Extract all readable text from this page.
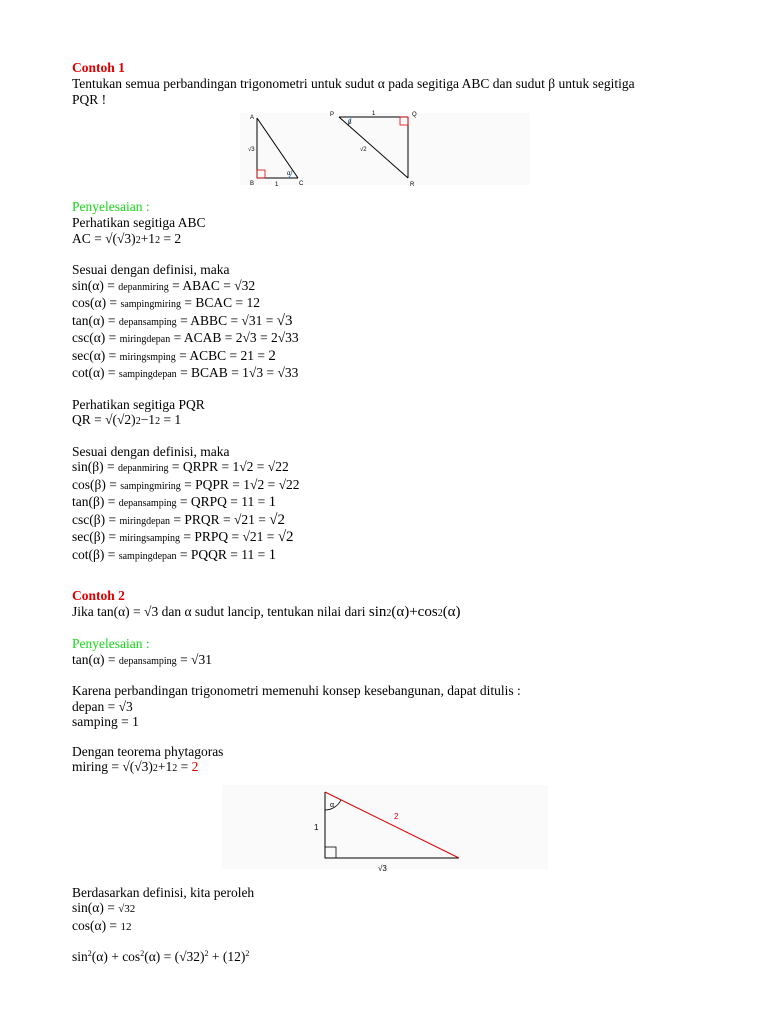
Contoh 1
Tentukan semua perbandingan trigonometri untuk sudut α pada segitiga ABC dan sudut β untuk segitiga PQR !
A
B	C
√3
1
α
P	Q
R
1
√2
β
Penyelesaian :
Perhatikan segitiga ABC
AC = √(√3)2+12 = 2
Sesuai dengan definisi, maka
sin(α) = depanmiring = ABAC = √32
cos(α) = sampingmiring = BCAC = 12
tan(α) = depansamping = ABBC = √31 = √3
csc(α) = miringdepan = ACAB = 2√3 = 2√33
sec(α) = miringsmping = ACBC = 21 = 2
cot(α) = sampingdepan = BCAB = 1√3 = √33
Perhatikan segitiga PQR
QR = √(√2)2−12 = 1
Sesuai dengan definisi, maka
sin(β) = depanmiring = QRPR = 1√2 = √22
cos(β) = sampingmiring = PQPR = 1√2 = √22
tan(β) = depansamping = QRPQ = 11 = 1
csc(β) = miringdepan = PRQR = √21 = √2
sec(β) = miringsamping = PRPQ = √21 = √2
cot(β) = sampingdepan = PQQR = 11 = 1
Contoh 2
Jika tan(α) = √3 dan α sudut lancip, tentukan nilai dari sin2(α)+cos2(α)
Penyelesaian :
tan(α) = depansamping = √31
Karena perbandingan trigonometri memenuhi konsep kesebangunan, dapat ditulis :
depan = √3
samping = 1
Dengan teorema phytagoras
miring = √(√3)2+12 = 2
α
1
2
√3
Berdasarkan definisi, kita peroleh
sin(α) = √32
cos(α) = 12
$\sin^2(\alpha) + \cos^2(\alpha) = (√32)^2 + (12)^2$
